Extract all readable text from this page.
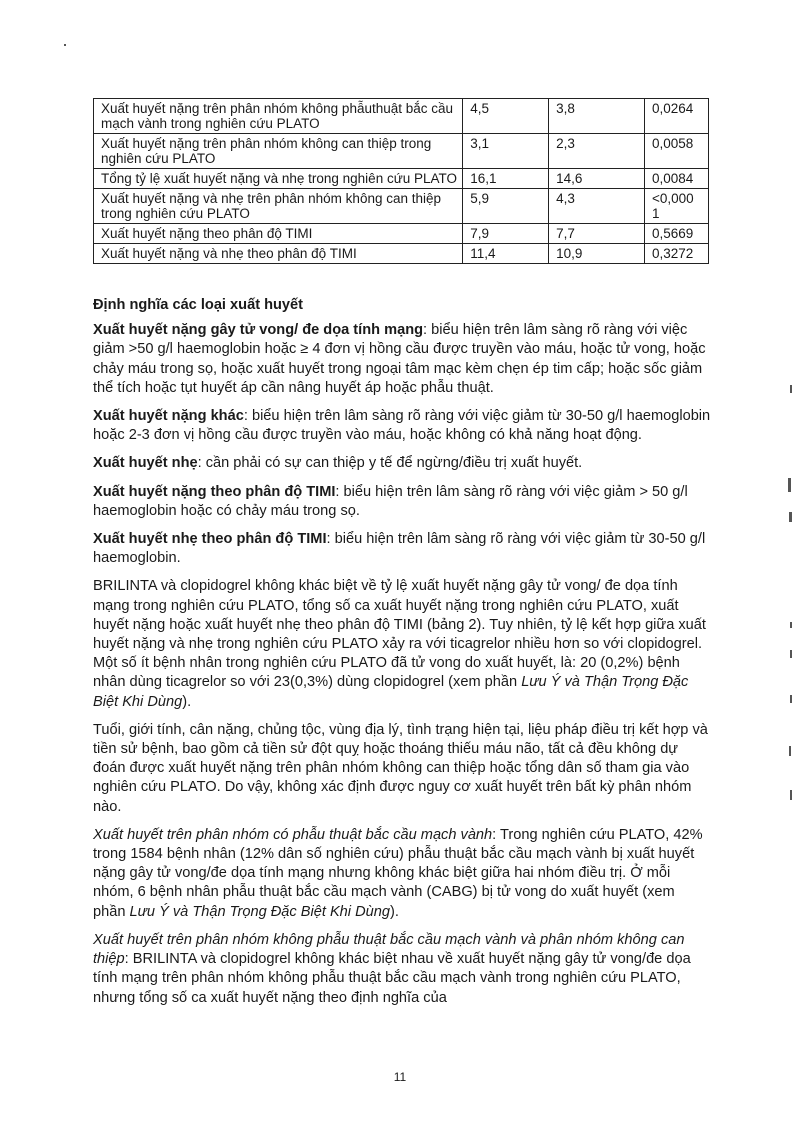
Xuất huyết nặng trên phân nhóm không phẫuthuật bắc cầu mạch vành trong nghiên cứu PLATO	4,5	3,8	0,0264
Xuất huyết nặng trên phân nhóm không can thiệp trong nghiên cứu PLATO	3,1	2,3	0,0058
Tổng tỷ lệ xuất huyết nặng và nhẹ trong nghiên cứu PLATO	16,1	14,6	0,0084
Xuất huyết nặng và nhẹ trên phân nhóm không can thiệp trong nghiên cứu PLATO	5,9	4,3	<0,000 1
Xuất huyết nặng theo phân độ TIMI	7,9	7,7	0,5669
Xuất huyết nặng và nhẹ theo phân độ TIMI	11,4	10,9	0,3272
Định nghĩa các loại xuất huyết

Xuất huyết nặng gây tử vong/ đe dọa tính mạng: biểu hiện trên lâm sàng rõ ràng với việc giảm >50 g/l haemoglobin hoặc ≥ 4 đơn vị hồng cầu được truyền vào máu, hoặc tử vong, hoặc chảy máu trong sọ, hoặc xuất huyết trong ngoại tâm mạc kèm chẹn ép tim cấp; hoặc sốc giảm thể tích hoặc tụt huyết áp cần nâng huyết áp hoặc phẫu thuật.

Xuất huyết nặng khác: biểu hiện trên lâm sàng rõ ràng với việc giảm từ 30-50 g/l haemoglobin hoặc 2-3 đơn vị hồng cầu được truyền vào máu, hoặc không có khả năng hoạt động.

Xuất huyết nhẹ: cần phải có sự can thiệp y tế để ngừng/điều trị xuất huyết.

Xuất huyết nặng theo phân độ TIMI: biểu hiện trên lâm sàng rõ ràng với việc giảm > 50 g/l haemoglobin hoặc có chảy máu trong sọ.

Xuất huyết nhẹ theo phân độ TIMI: biểu hiện trên lâm sàng rõ ràng với việc giảm từ 30-50 g/l haemoglobin.

BRILINTA và clopidogrel không khác biệt về tỷ lệ xuất huyết nặng gây tử vong/ đe dọa tính mạng trong nghiên cứu PLATO, tổng số ca xuất huyết nặng trong nghiên cứu PLATO, xuất huyết nặng hoặc xuất huyết nhẹ theo phân độ TIMI (bảng 2). Tuy nhiên, tỷ lệ kết hợp giữa xuất huyết nặng và nhẹ trong nghiên cứu PLATO xảy ra với ticagrelor nhiều hơn so với clopidogrel. Một số ít bệnh nhân trong nghiên cứu PLATO đã tử vong do xuất huyết, là: 20 (0,2%) bệnh nhân dùng ticagrelor so với 23(0,3%) dùng clopidogrel (xem phần Lưu Ý và Thận Trọng Đặc Biệt Khi Dùng).

Tuổi, giới tính, cân nặng, chủng tộc, vùng địa lý, tình trạng hiện tại, liệu pháp điều trị kết hợp và tiền sử bệnh, bao gồm cả tiền sử đột quỵ hoặc thoáng thiếu máu não, tất cả đều không dự đoán được xuất huyết nặng trên phân nhóm không can thiệp hoặc tổng dân số tham gia vào nghiên cứu PLATO. Do vậy, không xác định được nguy cơ xuất huyết trên bất kỳ phân nhóm nào.

Xuất huyết trên phân nhóm có phẫu thuật bắc cầu mạch vành: Trong nghiên cứu PLATO, 42% trong 1584 bệnh nhân (12% dân số nghiên cứu) phẫu thuật bắc cầu mạch vành bị xuất huyết nặng gây tử vong/đe dọa tính mạng nhưng không khác biệt giữa hai nhóm điều trị. Ở mỗi nhóm, 6 bệnh nhân phẫu thuật bắc cầu mạch vành (CABG) bị tử vong do xuất huyết (xem phần Lưu Ý và Thận Trọng Đặc Biệt Khi Dùng).

Xuất huyết trên phân nhóm không phẫu thuật bắc cầu mạch vành và phân nhóm không can thiệp: BRILINTA và clopidogrel không khác biệt nhau về xuất huyết nặng gây tử vong/đe dọa tính mạng trên phân nhóm không phẫu thuật bắc cầu mạch vành trong nghiên cứu PLATO, nhưng tổng số ca xuất huyết nặng theo định nghĩa của

11
